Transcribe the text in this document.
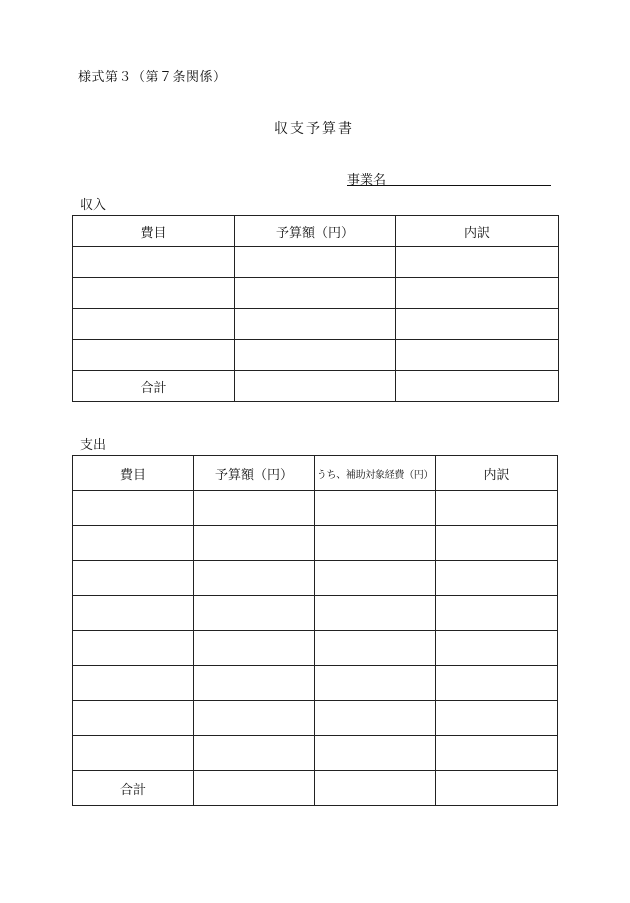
様式第３（第７条関係）
収支予算書
事業名
収入
費目	予算額（円）	内訳

合計		
支出
費目	予算額（円）	うち、補助対象経費（円）	内訳

合計			
